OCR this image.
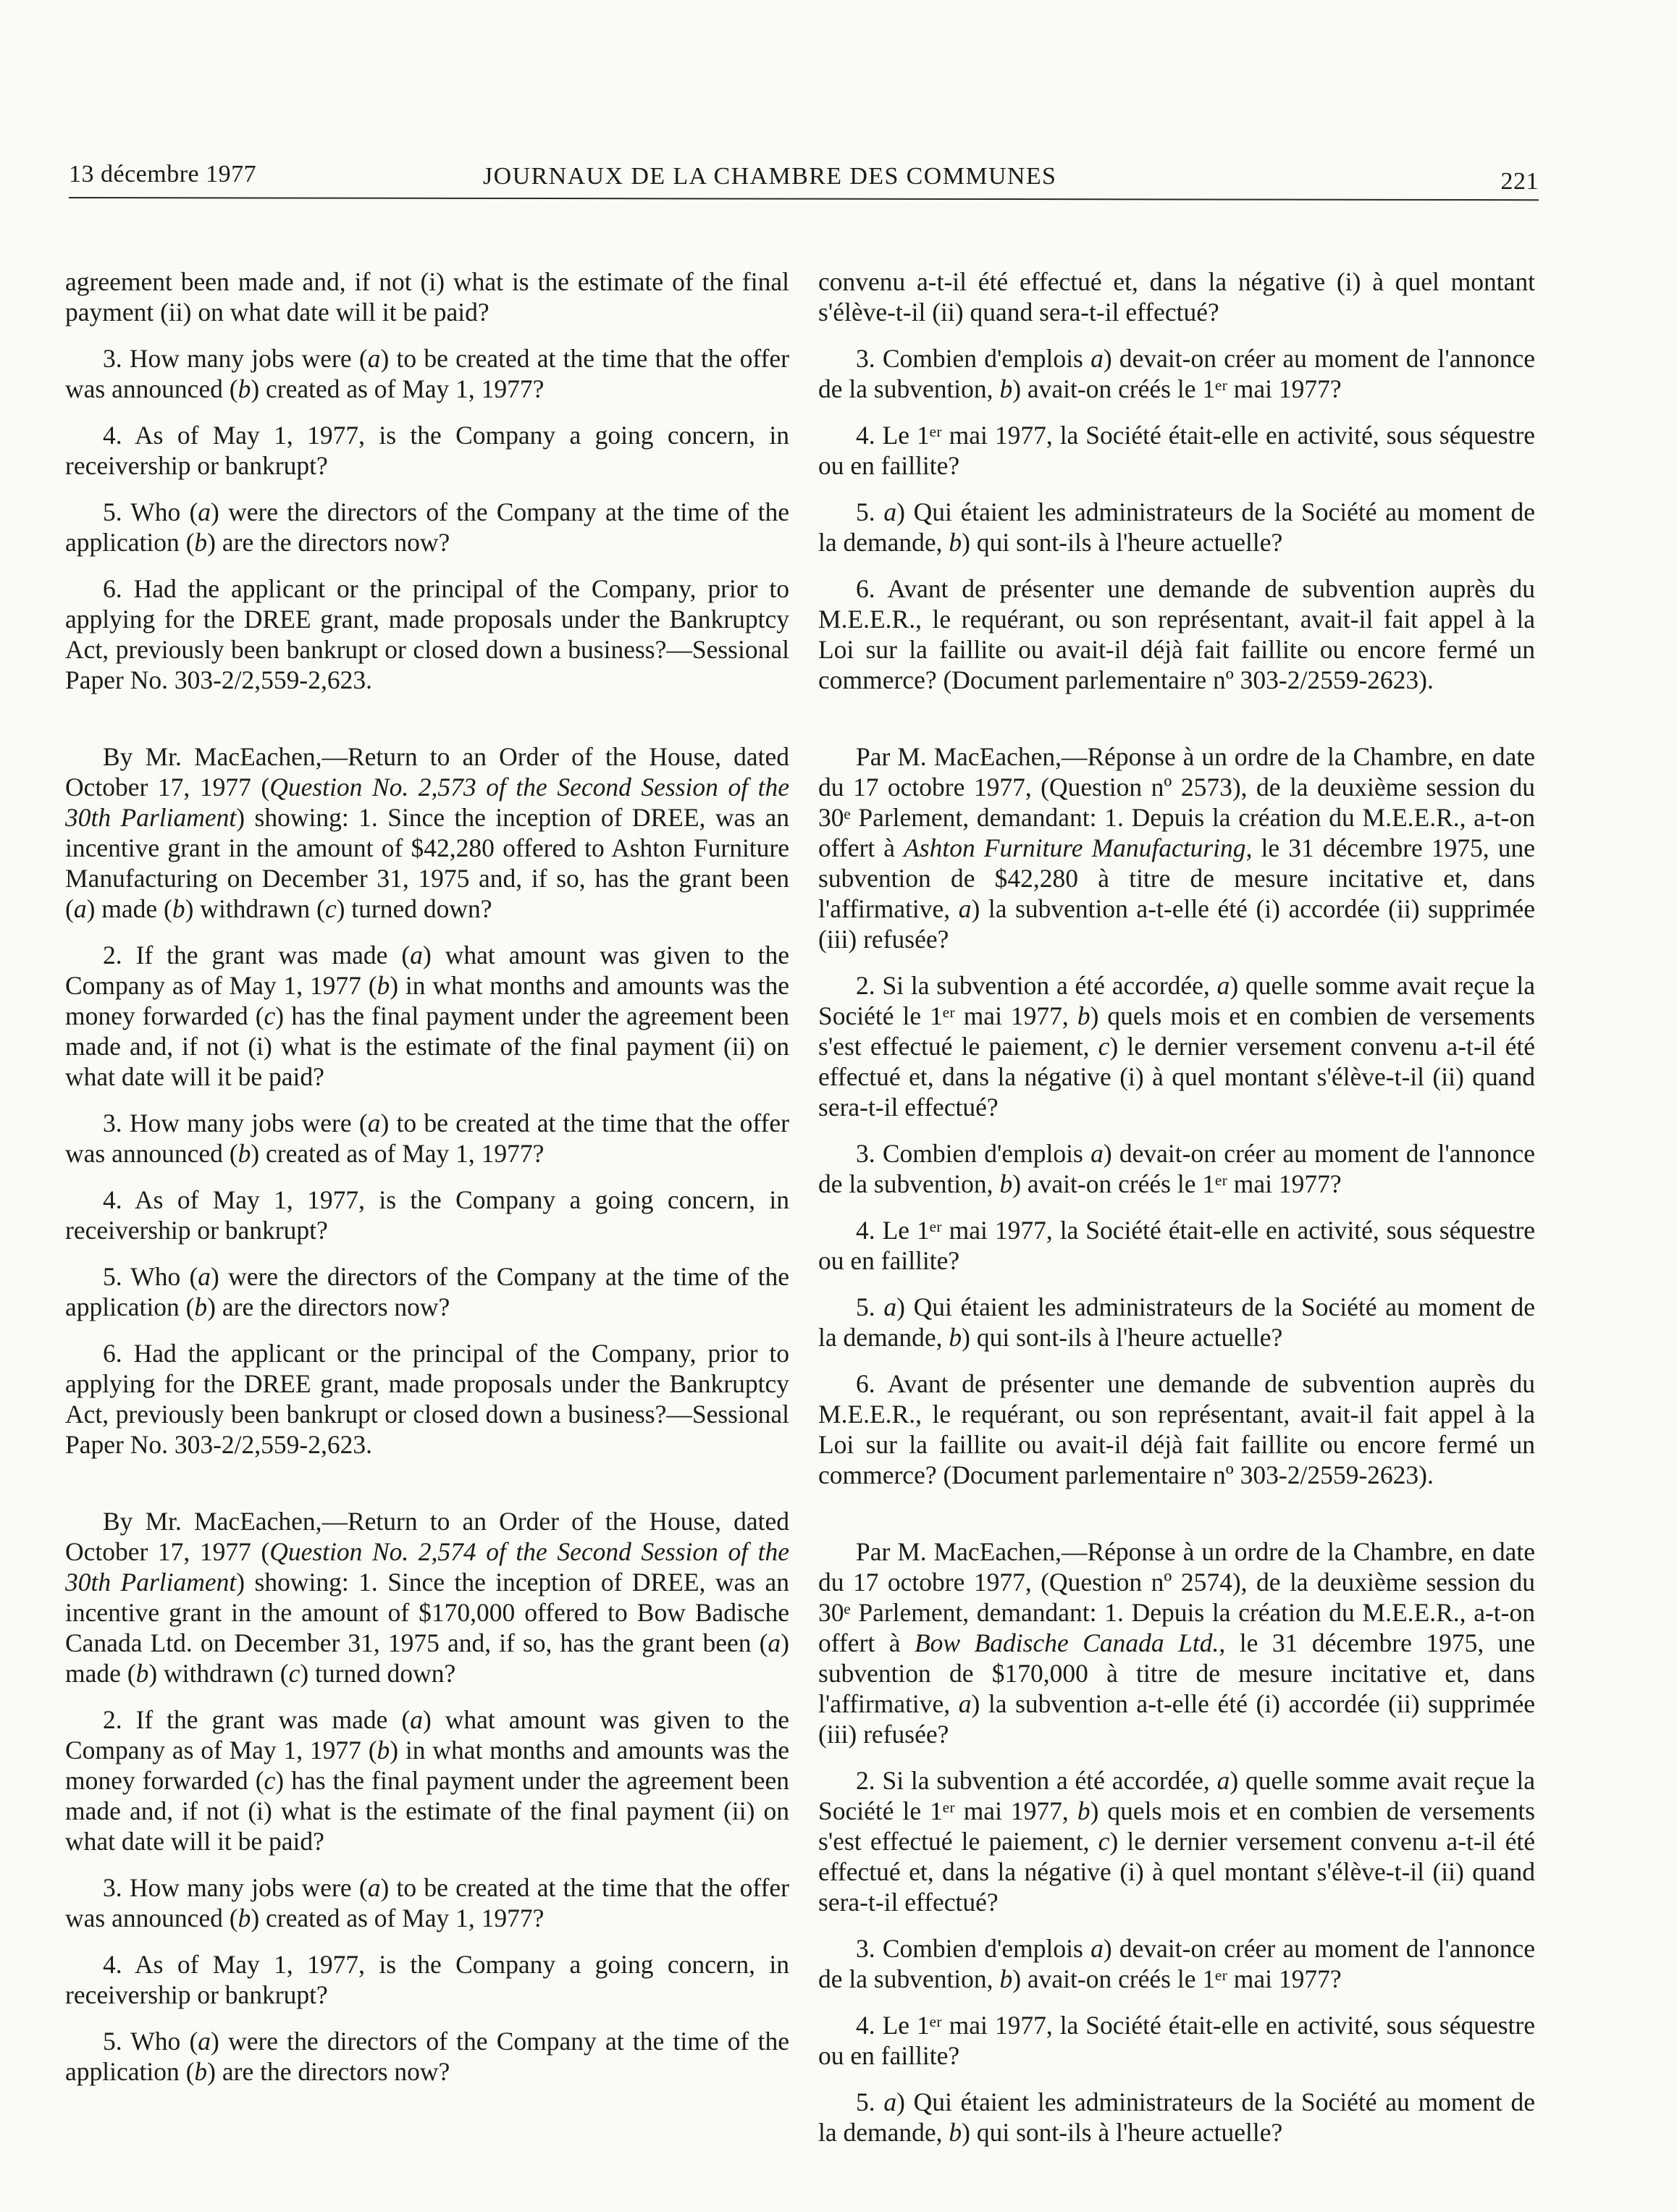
13 décembre 1977	JOURNAUX DE LA CHAMBRE DES COMMUNES	221

agreement been made and, if not (i) what is the estimate of the final payment (ii) on what date will it be paid?

3. How many jobs were (a) to be created at the time that the offer was announced (b) created as of May 1, 1977?

4. As of May 1, 1977, is the Company a going concern, in receivership or bankrupt?

5. Who (a) were the directors of the Company at the time of the application (b) are the directors now?

6. Had the applicant or the principal of the Company, prior to applying for the DREE grant, made proposals under the Bankruptcy Act, previously been bankrupt or closed down a business?—Sessional Paper No. 303-2/2,559-2,623.

By Mr. MacEachen,—Return to an Order of the House, dated October 17, 1977 (Question No. 2,573 of the Second Session of the 30th Parliament) showing: 1. Since the inception of DREE, was an incentive grant in the amount of $42,280 offered to Ashton Furniture Manufacturing on December 31, 1975 and, if so, has the grant been (a) made (b) withdrawn (c) turned down?

2. If the grant was made (a) what amount was given to the Company as of May 1, 1977 (b) in what months and amounts was the money forwarded (c) has the final payment under the agreement been made and, if not (i) what is the estimate of the final payment (ii) on what date will it be paid?

3. How many jobs were (a) to be created at the time that the offer was announced (b) created as of May 1, 1977?

4. As of May 1, 1977, is the Company a going concern, in receivership or bankrupt?

5. Who (a) were the directors of the Company at the time of the application (b) are the directors now?

6. Had the applicant or the principal of the Company, prior to applying for the DREE grant, made proposals under the Bankruptcy Act, previously been bankrupt or closed down a business?—Sessional Paper No. 303-2/2,559-2,623.

By Mr. MacEachen,—Return to an Order of the House, dated October 17, 1977 (Question No. 2,574 of the Second Session of the 30th Parliament) showing: 1. Since the inception of DREE, was an incentive grant in the amount of $170,000 offered to Bow Badische Canada Ltd. on December 31, 1975 and, if so, has the grant been (a) made (b) withdrawn (c) turned down?

2. If the grant was made (a) what amount was given to the Company as of May 1, 1977 (b) in what months and amounts was the money forwarded (c) has the final payment under the agreement been made and, if not (i) what is the estimate of the final payment (ii) on what date will it be paid?

3. How many jobs were (a) to be created at the time that the offer was announced (b) created as of May 1, 1977?

4. As of May 1, 1977, is the Company a going concern, in receivership or bankrupt?

5. Who (a) were the directors of the Company at the time of the application (b) are the directors now?

convenu a-t-il été effectué et, dans la négative (i) à quel montant s'élève-t-il (ii) quand sera-t-il effectué?

3. Combien d'emplois a) devait-on créer au moment de l'annonce de la subvention, b) avait-on créés le 1ᵉʳ mai 1977?

4. Le 1ᵉʳ mai 1977, la Société était-elle en activité, sous séquestre ou en faillite?

5. a) Qui étaient les administrateurs de la Société au moment de la demande, b) qui sont-ils à l'heure actuelle?

6. Avant de présenter une demande de subvention auprès du M.E.E.R., le requérant, ou son représentant, avait-il fait appel à la Loi sur la faillite ou avait-il déjà fait faillite ou encore fermé un commerce? (Document parlementaire nº 303-2/2559-2623).

Par M. MacEachen,—Réponse à un ordre de la Chambre, en date du 17 octobre 1977, (Question nº 2573), de la deuxième session du 30ᵉ Parlement, demandant: 1. Depuis la création du M.E.E.R., a-t-on offert à Ashton Furniture Manufacturing, le 31 décembre 1975, une subvention de $42,280 à titre de mesure incitative et, dans l'affirmative, a) la subvention a-t-elle été (i) accordée (ii) supprimée (iii) refusée?

2. Si la subvention a été accordée, a) quelle somme avait reçue la Société le 1ᵉʳ mai 1977, b) quels mois et en combien de versements s'est effectué le paiement, c) le dernier versement convenu a-t-il été effectué et, dans la négative (i) à quel montant s'élève-t-il (ii) quand sera-t-il effectué?

3. Combien d'emplois a) devait-on créer au moment de l'annonce de la subvention, b) avait-on créés le 1ᵉʳ mai 1977?

4. Le 1ᵉʳ mai 1977, la Société était-elle en activité, sous séquestre ou en faillite?

5. a) Qui étaient les administrateurs de la Société au moment de la demande, b) qui sont-ils à l'heure actuelle?

6. Avant de présenter une demande de subvention auprès du M.E.E.R., le requérant, ou son représentant, avait-il fait appel à la Loi sur la faillite ou avait-il déjà fait faillite ou encore fermé un commerce? (Document parlementaire nº 303-2/2559-2623).

Par M. MacEachen,—Réponse à un ordre de la Chambre, en date du 17 octobre 1977, (Question nº 2574), de la deuxième session du 30ᵉ Parlement, demandant: 1. Depuis la création du M.E.E.R., a-t-on offert à Bow Badische Canada Ltd., le 31 décembre 1975, une subvention de $170,000 à titre de mesure incitative et, dans l'affirmative, a) la subvention a-t-elle été (i) accordée (ii) supprimée (iii) refusée?

2. Si la subvention a été accordée, a) quelle somme avait reçue la Société le 1ᵉʳ mai 1977, b) quels mois et en combien de versements s'est effectué le paiement, c) le dernier versement convenu a-t-il été effectué et, dans la négative (i) à quel montant s'élève-t-il (ii) quand sera-t-il effectué?

3. Combien d'emplois a) devait-on créer au moment de l'annonce de la subvention, b) avait-on créés le 1ᵉʳ mai 1977?

4. Le 1ᵉʳ mai 1977, la Société était-elle en activité, sous séquestre ou en faillite?

5. a) Qui étaient les administrateurs de la Société au moment de la demande, b) qui sont-ils à l'heure actuelle?
